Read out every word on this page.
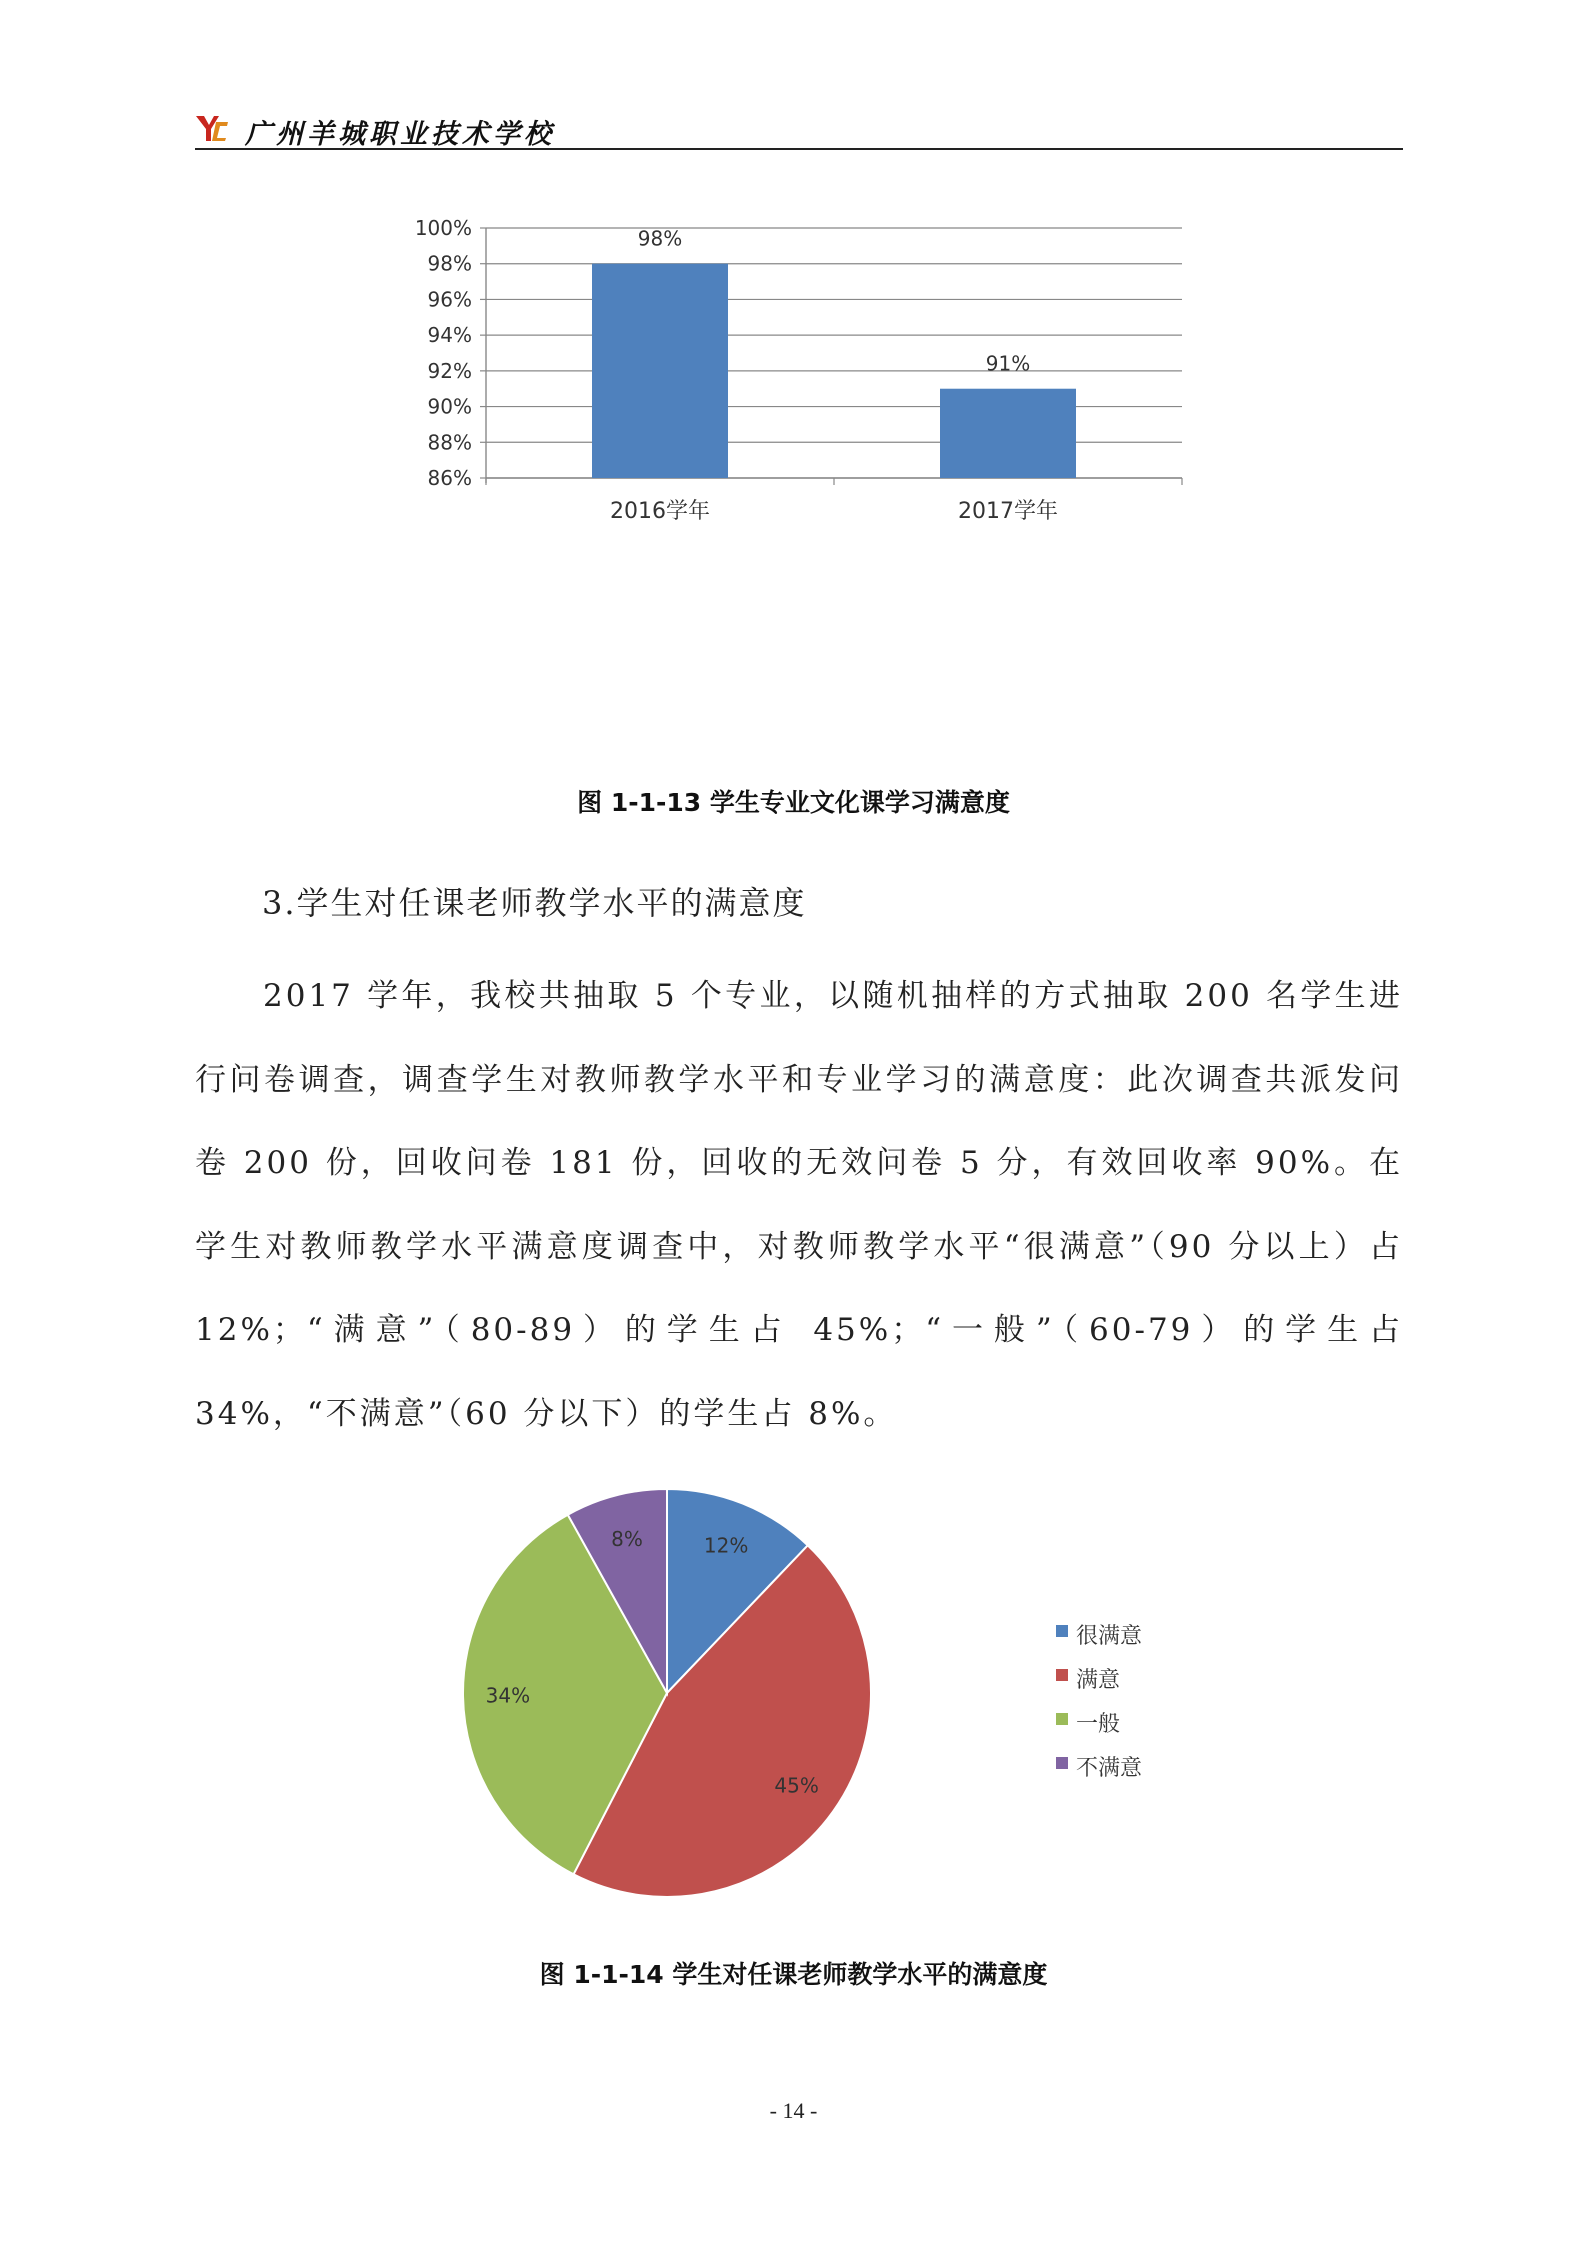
广州羊城职业技术学校
86%
88%
90%
92%
94%
96%
98%
100%	98%
91%
2016学年	2017学年
图 1-1-13 学生专业文化课学习满意度
3.学生对任课老师教学水平的满意度

2017 学年，我校共抽取 5 个专业，以随机抽样的方式抽取 200 名学生进行问卷调查，调查学生对教师教学水平和专业学习的满意度：此次调查共派发问卷 200 份，回收问卷 181 份，回收的无效问卷 5 分，有效回收率 90%。在学生对教师教学水平满意度调查中，对教师教学水平“很满意”（90 分以上）占 12%；“满意”（80-89）的学生占 45%；“一般”（60-79）的学生占 34%，“不满意”（60 分以下）的学生占 8%。

12%
45%
34%
8%
很满意
满意
一般
不满意
图 1-1-14 学生对任课老师教学水平的满意度
- 14 -
